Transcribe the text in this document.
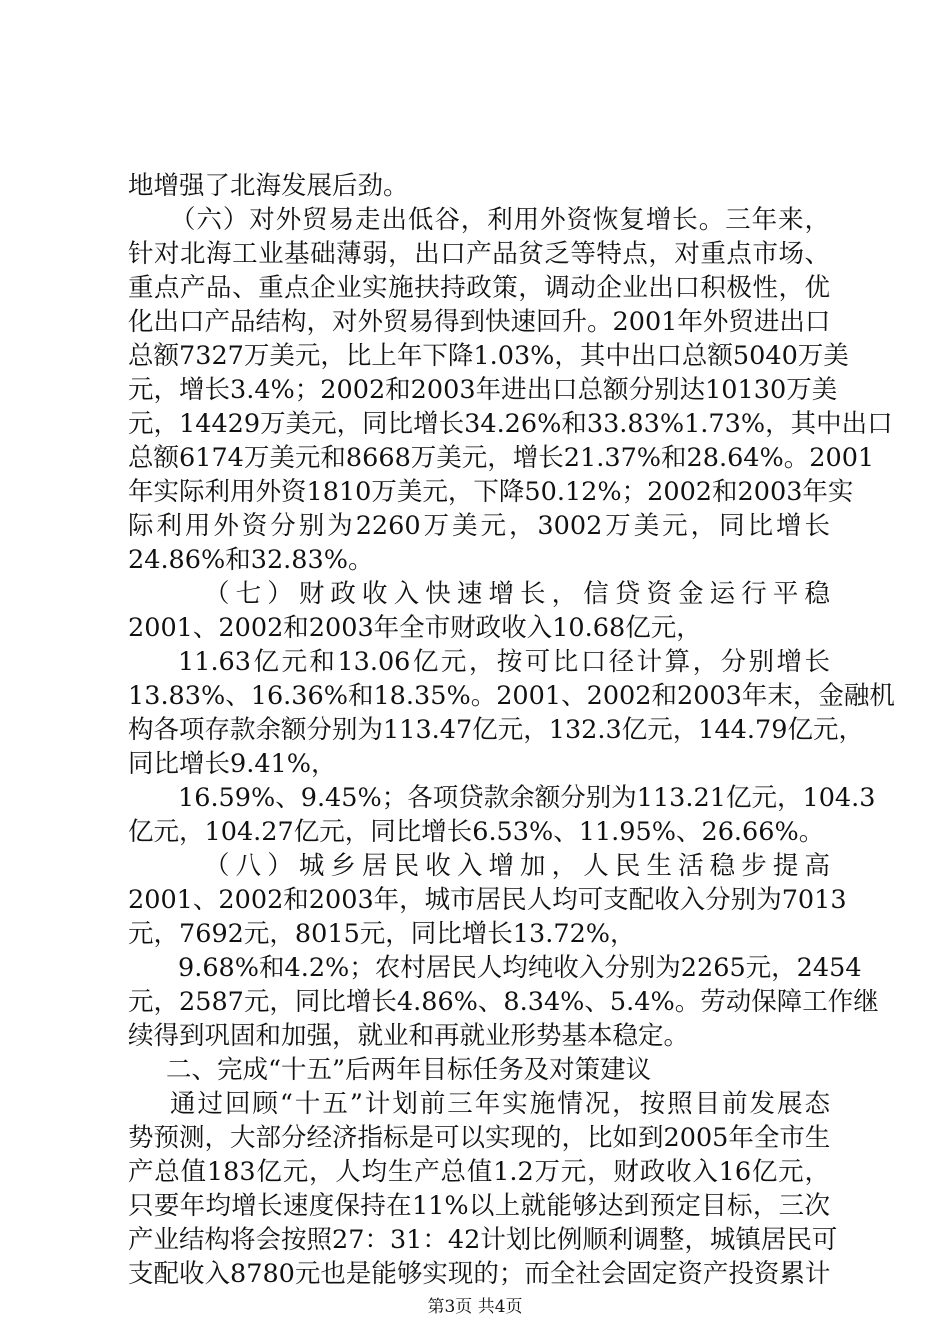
地增强了北海发展后劲。
（六）对外贸易走出低谷，利用外资恢复增长。三年来，
针对北海工业基础薄弱，出口产品贫乏等特点，对重点市场、
重点产品、重点企业实施扶持政策，调动企业出口积极性，优
化出口产品结构，对外贸易得到快速回升。2001年外贸进出口
总额7327万美元，比上年下降1.03%，其中出口总额5040万美
元，增长3.4%；2002和2003年进出口总额分别达10130万美
元，14429万美元，同比增长34.26%和33.83%1.73%，其中出口
总额6174万美元和8668万美元，增长21.37%和28.64%。2001
年实际利用外资1810万美元，下降50.12%；2002和2003年实
际利用外资分别为2260万美元，3002万美元，同比增长
24.86%和32.83%。
（七）财政收入快速增长，信贷资金运行平稳
2001、2002和2003年全市财政收入10.68亿元，
11.63亿元和13.06亿元，按可比口径计算，分别增长
13.83%、16.36%和18.35%。2001、2002和2003年末，金融机
构各项存款余额分别为113.47亿元，132.3亿元，144.79亿元，
同比增长9.41%，
16.59%、9.45%；各项贷款余额分别为113.21亿元，104.3
亿元，104.27亿元，同比增长6.53%、11.95%、26.66%。
（八）城乡居民收入增加，人民生活稳步提高
2001、2002和2003年，城市居民人均可支配收入分别为7013
元，7692元，8015元，同比增长13.72%，
9.68%和4.2%；农村居民人均纯收入分别为2265元，2454
元，2587元，同比增长4.86%、8.34%、5.4%。劳动保障工作继
续得到巩固和加强，就业和再就业形势基本稳定。
二、完成“十五”后两年目标任务及对策建议
通过回顾“十五”计划前三年实施情况，按照目前发展态
势预测，大部分经济指标是可以实现的，比如到2005年全市生
产总值183亿元，人均生产总值1.2万元，财政收入16亿元，
只要年均增长速度保持在11%以上就能够达到预定目标，三次
产业结构将会按照27：31：42计划比例顺利调整，城镇居民可
支配收入8780元也是能够实现的；而全社会固定资产投资累计
第3页 共4页
